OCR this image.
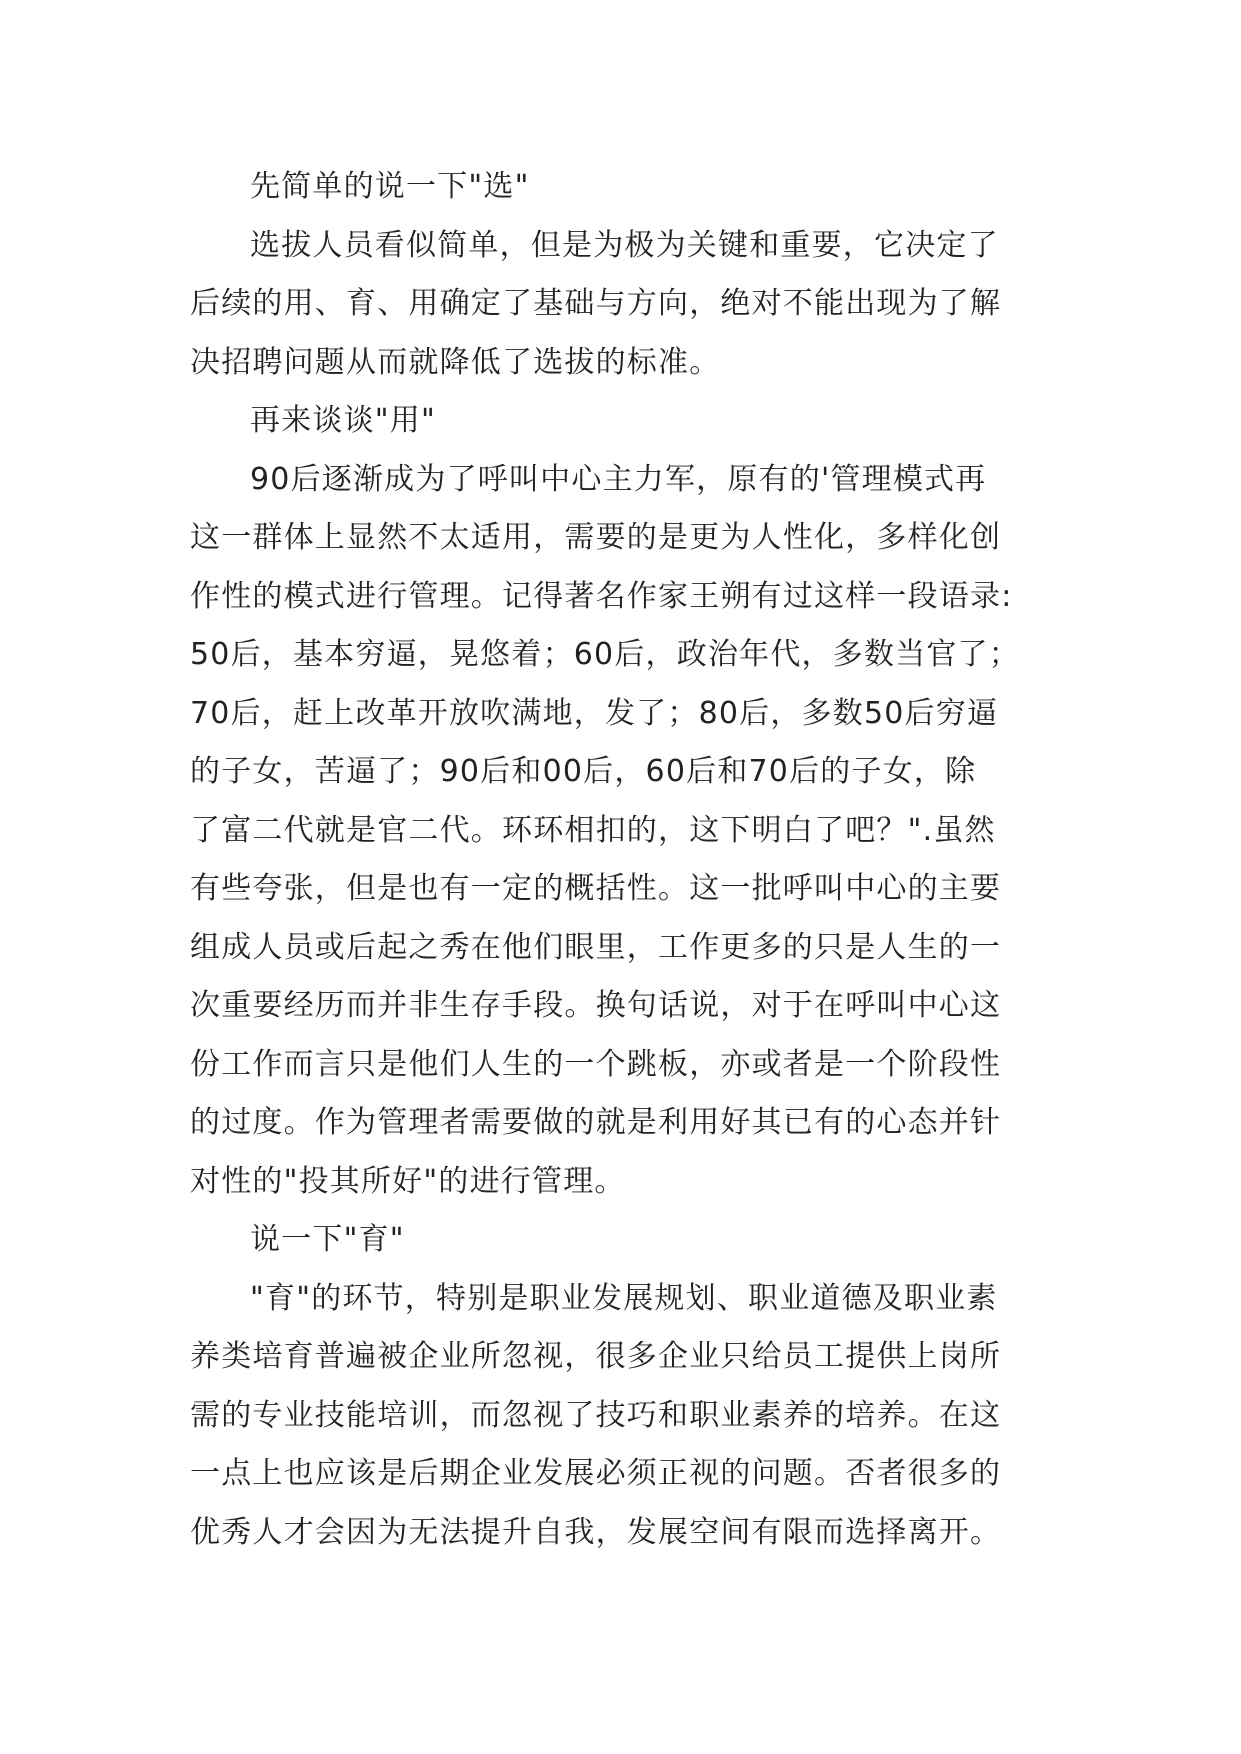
先简单的说一下"选"

选拔人员看似简单，但是为极为关键和重要，它决定了
后续的用、育、用确定了基础与方向，绝对不能出现为了解
决招聘问题从而就降低了选拔的标准。

再来谈谈"用"

90后逐渐成为了呼叫中心主力军，原有的'管理模式再
这一群体上显然不太适用，需要的是更为人性化，多样化创
作性的模式进行管理。记得著名作家王朔有过这样一段语录:
50后，基本穷逼，晃悠着；60后，政治年代，多数当官了；
70后，赶上改革开放吹满地，发了；80后，多数50后穷逼
的子女，苦逼了；90后和00后，60后和70后的子女，除
了富二代就是官二代。环环相扣的，这下明白了吧？".虽然
有些夸张，但是也有一定的概括性。这一批呼叫中心的主要
组成人员或后起之秀在他们眼里，工作更多的只是人生的一
次重要经历而并非生存手段。换句话说，对于在呼叫中心这
份工作而言只是他们人生的一个跳板，亦或者是一个阶段性
的过度。作为管理者需要做的就是利用好其已有的心态并针
对性的"投其所好"的进行管理。

说一下"育"

"育"的环节，特别是职业发展规划、职业道德及职业素
养类培育普遍被企业所忽视，很多企业只给员工提供上岗所
需的专业技能培训，而忽视了技巧和职业素养的培养。在这
一点上也应该是后期企业发展必须正视的问题。否者很多的
优秀人才会因为无法提升自我，发展空间有限而选择离开。
